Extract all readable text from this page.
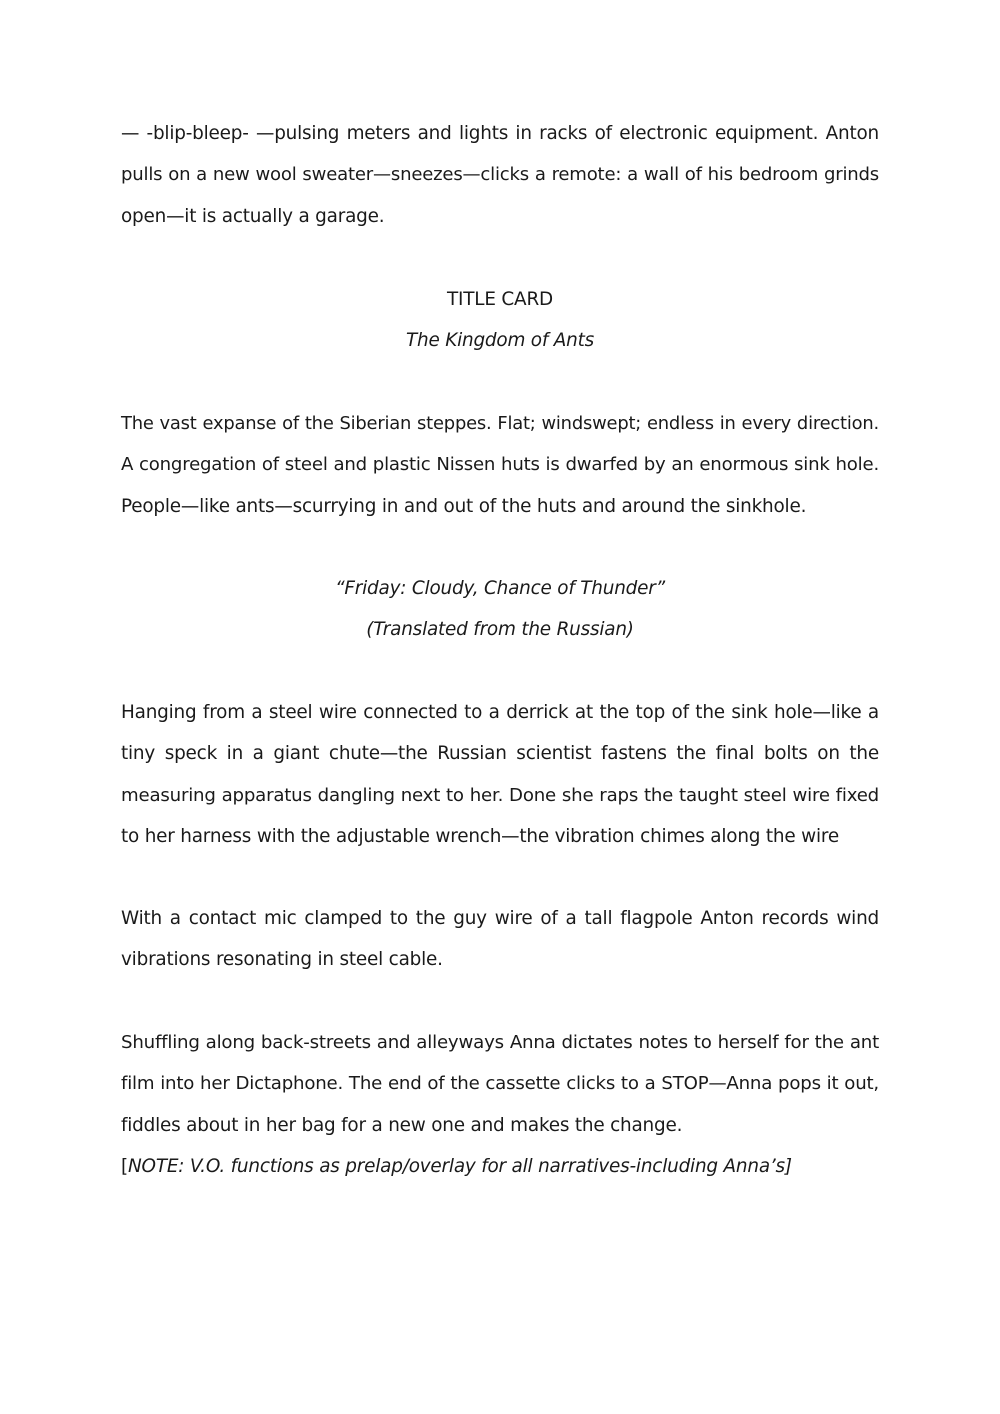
— -blip-bleep- —pulsing meters and lights in racks of electronic equipment. Anton
pulls on a new wool sweater—sneezes—clicks a remote: a wall of his bedroom grinds
open—it is actually a garage.
TITLE CARD
The Kingdom of Ants
The vast expanse of the Siberian steppes. Flat; windswept; endless in every direction.
A congregation of steel and plastic Nissen huts is dwarfed by an enormous sink hole.
People—like ants—scurrying in and out of the huts and around the sinkhole.
“Friday: Cloudy, Chance of Thunder”
(Translated from the Russian)
Hanging from a steel wire connected to a derrick at the top of the sink hole—like a
tiny speck in a giant chute—the Russian scientist fastens the final bolts on the
measuring apparatus dangling next to her. Done she raps the taught steel wire fixed
to her harness with the adjustable wrench—the vibration chimes along the wire
With a contact mic clamped to the guy wire of a tall flagpole Anton records wind
vibrations resonating in steel cable.
Shuffling along back-streets and alleyways Anna dictates notes to herself for the ant
film into her Dictaphone. The end of the cassette clicks to a STOP—Anna pops it out,
fiddles about in her bag for a new one and makes the change.
[NOTE: V.O. functions as prelap/overlay for all narratives-including Anna’s]
